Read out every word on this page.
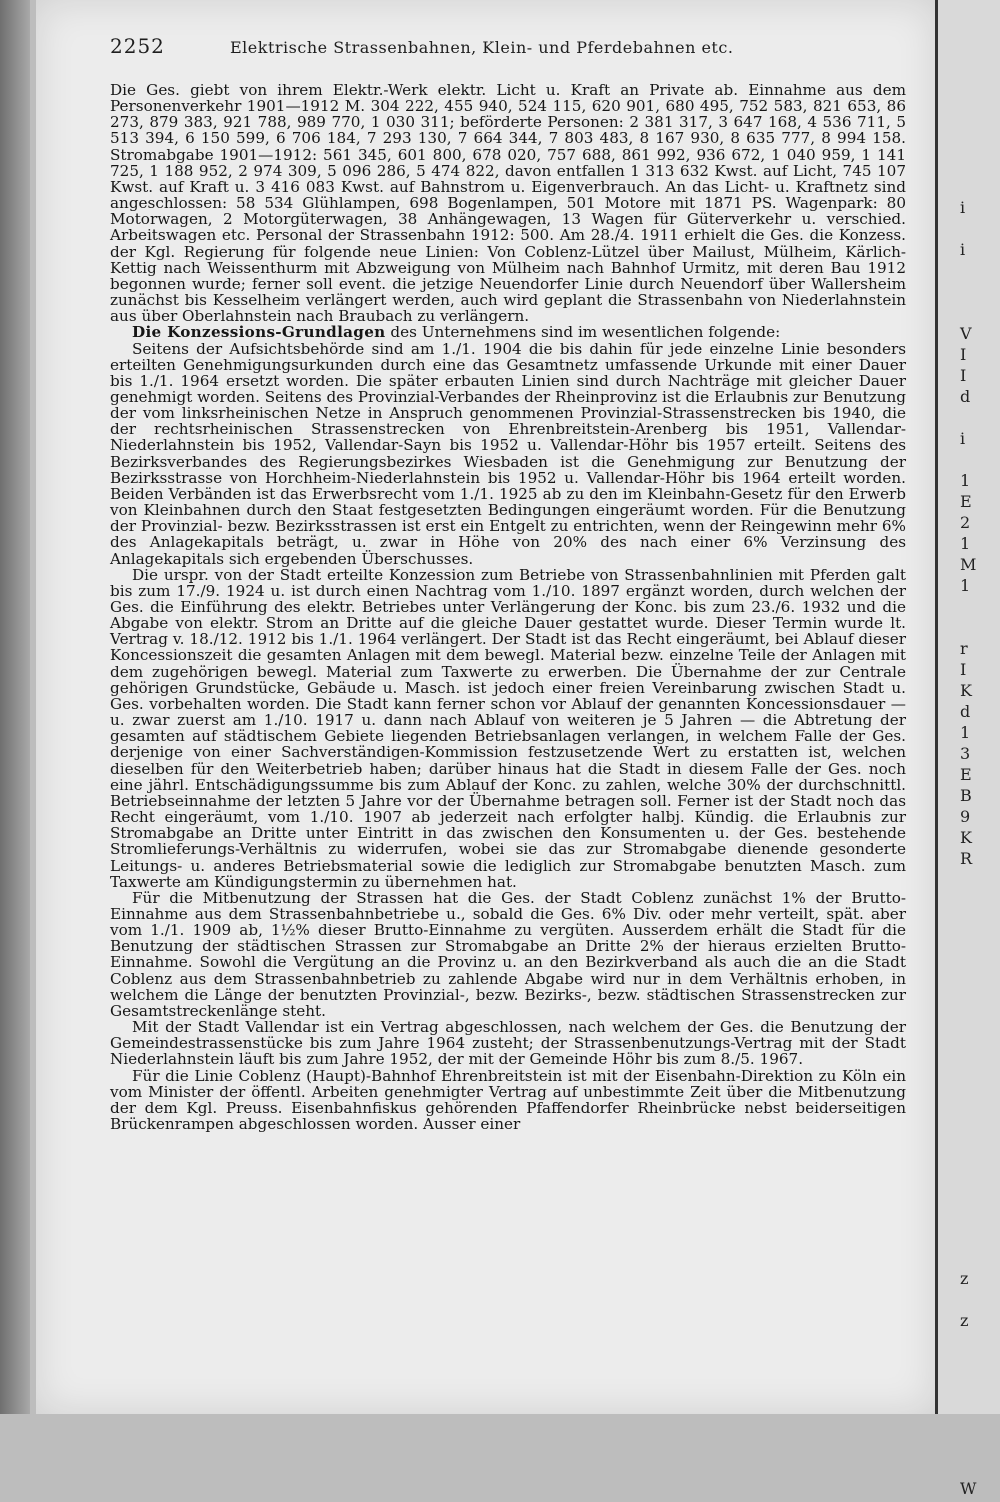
2252	Elektrische Strassenbahnen, Klein- und Pferdebahnen etc.

Die Ges. giebt von ihrem Elektr.-Werk elektr. Licht u. Kraft an Private ab. Einnahme aus dem Personenverkehr 1901—1912 M. 304 222, 455 940, 524 115, 620 901, 680 495, 752 583, 821 653, 86 273, 879 383, 921 788, 989 770, 1 030 311; beförderte Personen: 2 381 317, 3 647 168, 4 536 711, 5 513 394, 6 150 599, 6 706 184, 7 293 130, 7 664 344, 7 803 483, 8 167 930, 8 635 777, 8 994 158. Stromabgabe 1901—1912: 561 345, 601 800, 678 020, 757 688, 861 992, 936 672, 1 040 959, 1 141 725, 1 188 952, 2 974 309, 5 096 286, 5 474 822, davon entfallen 1 313 632 Kwst. auf Licht, 745 107 Kwst. auf Kraft u. 3 416 083 Kwst. auf Bahnstrom u. Eigenverbrauch. An das Licht- u. Kraftnetz sind angeschlossen: 58 534 Glühlampen, 698 Bogenlampen, 501 Motore mit 1871 PS. Wagenpark: 80 Motorwagen, 2 Motorgüterwagen, 38 Anhängewagen, 13 Wagen für Güterverkehr u. verschied. Arbeitswagen etc. Personal der Strassenbahn 1912: 500. Am 28./4. 1911 erhielt die Ges. die Konzess. der Kgl. Regierung für folgende neue Linien: Von Coblenz-Lützel über Mailust, Mülheim, Kärlich-Kettig nach Weissenthurm mit Abzweigung von Mülheim nach Bahnhof Urmitz, mit deren Bau 1912 begonnen wurde; ferner soll event. die jetzige Neuendorfer Linie durch Neuendorf über Wallersheim zunächst bis Kesselheim verlängert werden, auch wird geplant die Strassenbahn von Niederlahnstein aus über Oberlahnstein nach Braubach zu verlängern.

Die Konzessions-Grundlagen des Unternehmens sind im wesentlichen folgende:

Seitens der Aufsichtsbehörde sind am 1./1. 1904 die bis dahin für jede einzelne Linie besonders erteilten Genehmigungsurkunden durch eine das Gesamtnetz umfassende Urkunde mit einer Dauer bis 1./1. 1964 ersetzt worden. Die später erbauten Linien sind durch Nachträge mit gleicher Dauer genehmigt worden. Seitens des Provinzial-Verbandes der Rheinprovinz ist die Erlaubnis zur Benutzung der vom linksrheinischen Netze in Anspruch genommenen Provinzial-Strassenstrecken bis 1940, die der rechtsrheinischen Strassenstrecken von Ehrenbreitstein-Arenberg bis 1951, Vallendar-Niederlahnstein bis 1952, Vallendar-Sayn bis 1952 u. Vallendar-Höhr bis 1957 erteilt. Seitens des Bezirksverbandes des Regierungsbezirkes Wiesbaden ist die Genehmigung zur Benutzung der Bezirksstrasse von Horchheim-Niederlahnstein bis 1952 u. Vallendar-Höhr bis 1964 erteilt worden. Beiden Verbänden ist das Erwerbsrecht vom 1./1. 1925 ab zu den im Kleinbahn-Gesetz für den Erwerb von Kleinbahnen durch den Staat festgesetzten Bedingungen eingeräumt worden. Für die Benutzung der Provinzial- bezw. Bezirksstrassen ist erst ein Entgelt zu entrichten, wenn der Reingewinn mehr 6% des Anlagekapitals beträgt, u. zwar in Höhe von 20% des nach einer 6% Verzinsung des Anlagekapitals sich ergebenden Überschusses.

Die urspr. von der Stadt erteilte Konzession zum Betriebe von Strassenbahnlinien mit Pferden galt bis zum 17./9. 1924 u. ist durch einen Nachtrag vom 1./10. 1897 ergänzt worden, durch welchen der Ges. die Einführung des elektr. Betriebes unter Verlängerung der Konc. bis zum 23./6. 1932 und die Abgabe von elektr. Strom an Dritte auf die gleiche Dauer gestattet wurde. Dieser Termin wurde lt. Vertrag v. 18./12. 1912 bis 1./1. 1964 verlängert. Der Stadt ist das Recht eingeräumt, bei Ablauf dieser Koncessionszeit die gesamten Anlagen mit dem bewegl. Material bezw. einzelne Teile der Anlagen mit dem zugehörigen bewegl. Material zum Taxwerte zu erwerben. Die Übernahme der zur Centrale gehörigen Grundstücke, Gebäude u. Masch. ist jedoch einer freien Vereinbarung zwischen Stadt u. Ges. vorbehalten worden. Die Stadt kann ferner schon vor Ablauf der genannten Koncessionsdauer — u. zwar zuerst am 1./10. 1917 u. dann nach Ablauf von weiteren je 5 Jahren — die Abtretung der gesamten auf städtischem Gebiete liegenden Betriebsanlagen verlangen, in welchem Falle der Ges. derjenige von einer Sachverständigen-Kommission festzusetzende Wert zu erstatten ist, welchen dieselben für den Weiterbetrieb haben; darüber hinaus hat die Stadt in diesem Falle der Ges. noch eine jährl. Entschädigungssumme bis zum Ablauf der Konc. zu zahlen, welche 30% der durchschnittl. Betriebseinnahme der letzten 5 Jahre vor der Übernahme betragen soll. Ferner ist der Stadt noch das Recht eingeräumt, vom 1./10. 1907 ab jederzeit nach erfolgter halbj. Kündig. die Erlaubnis zur Stromabgabe an Dritte unter Eintritt in das zwischen den Konsumenten u. der Ges. bestehende Stromlieferungs-Verhältnis zu widerrufen, wobei sie das zur Stromabgabe dienende gesonderte Leitungs- u. anderes Betriebsmaterial sowie die lediglich zur Stromabgabe benutzten Masch. zum Taxwerte am Kündigungstermin zu übernehmen hat.

Für die Mitbenutzung der Strassen hat die Ges. der Stadt Coblenz zunächst 1% der Brutto-Einnahme aus dem Strassenbahnbetriebe u., sobald die Ges. 6% Div. oder mehr verteilt, spät. aber vom 1./1. 1909 ab, 1½% dieser Brutto-Einnahme zu vergüten. Ausserdem erhält die Stadt für die Benutzung der städtischen Strassen zur Stromabgabe an Dritte 2% der hieraus erzielten Brutto-Einnahme. Sowohl die Vergütung an die Provinz u. an den Bezirkverband als auch die an die Stadt Coblenz aus dem Strassenbahnbetrieb zu zahlende Abgabe wird nur in dem Verhältnis erhoben, in welchem die Länge der benutzten Provinzial-, bezw. Bezirks-, bezw. städtischen Strassenstrecken zur Gesamtstreckenlänge steht.

Mit der Stadt Vallendar ist ein Vertrag abgeschlossen, nach welchem der Ges. die Benutzung der Gemeindestrassenstücke bis zum Jahre 1964 zusteht; der Strassenbenutzungs-Vertrag mit der Stadt Niederlahnstein läuft bis zum Jahre 1952, der mit der Gemeinde Höhr bis zum 8./5. 1967.

Für die Linie Coblenz (Haupt)-Bahnhof Ehrenbreitstein ist mit der Eisenbahn-Direktion zu Köln ein vom Minister der öffentl. Arbeiten genehmigter Vertrag auf unbestimmte Zeit über die Mitbenutzung der dem Kgl. Preuss. Eisenbahnfiskus gehörenden Pfaffendorfer Rheinbrücke nebst beiderseitigen Brückenrampen abgeschlossen worden. Ausser einer

i
i
V
I
I
d
i
1
E
2
1
M
1
r
I
K
d
1
3
E
B
9
K
R
z
z
W
